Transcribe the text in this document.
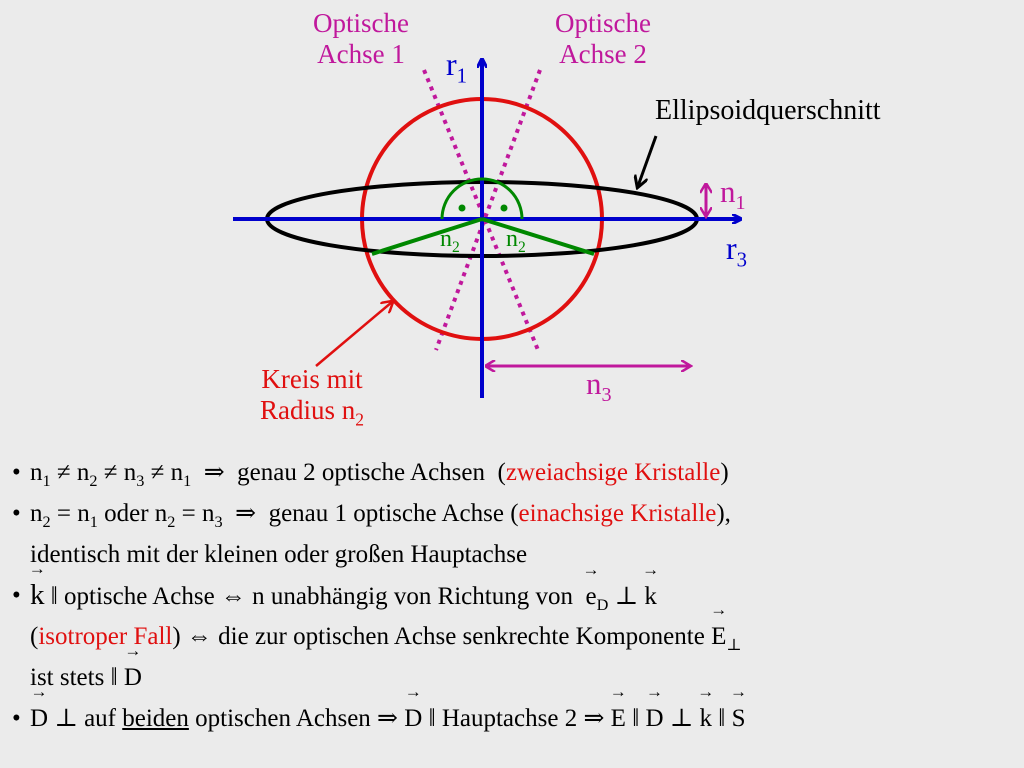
Optische
Achse 1
Optische
Achse 2
$r_1$
$r_3$
Ellipsoidquerschnitt
$n_1$
$n_3$
$n_2$ $n_2$
Kreis mit
Radius $n_2$
• $n_1 \ne n_2 \ne n_3 \ne n_1$  ⇒  genau 2 optische Achsen  (zweiachsige Kristalle)
• $n_2 = n_1$ oder $n_2 = n_3$  ⇒  genau 1 optische Achse (einachsige Kristalle),
identisch mit der kleinen oder großen Hauptachse
• → k ǁ optische Achse ⇔ n unabhängig von Richtung von  → $e_D$ ⊥ → k
(isotroper Fall) ⇔ die zur optischen Achse senkrechte Komponente → $E_\perp$
ist stets ǁ → D
• → D ⊥ auf beiden optischen Achsen ⇒ → D ǁ Hauptachse 2 ⇒ → E ǁ → D ⊥ → k ǁ → S
